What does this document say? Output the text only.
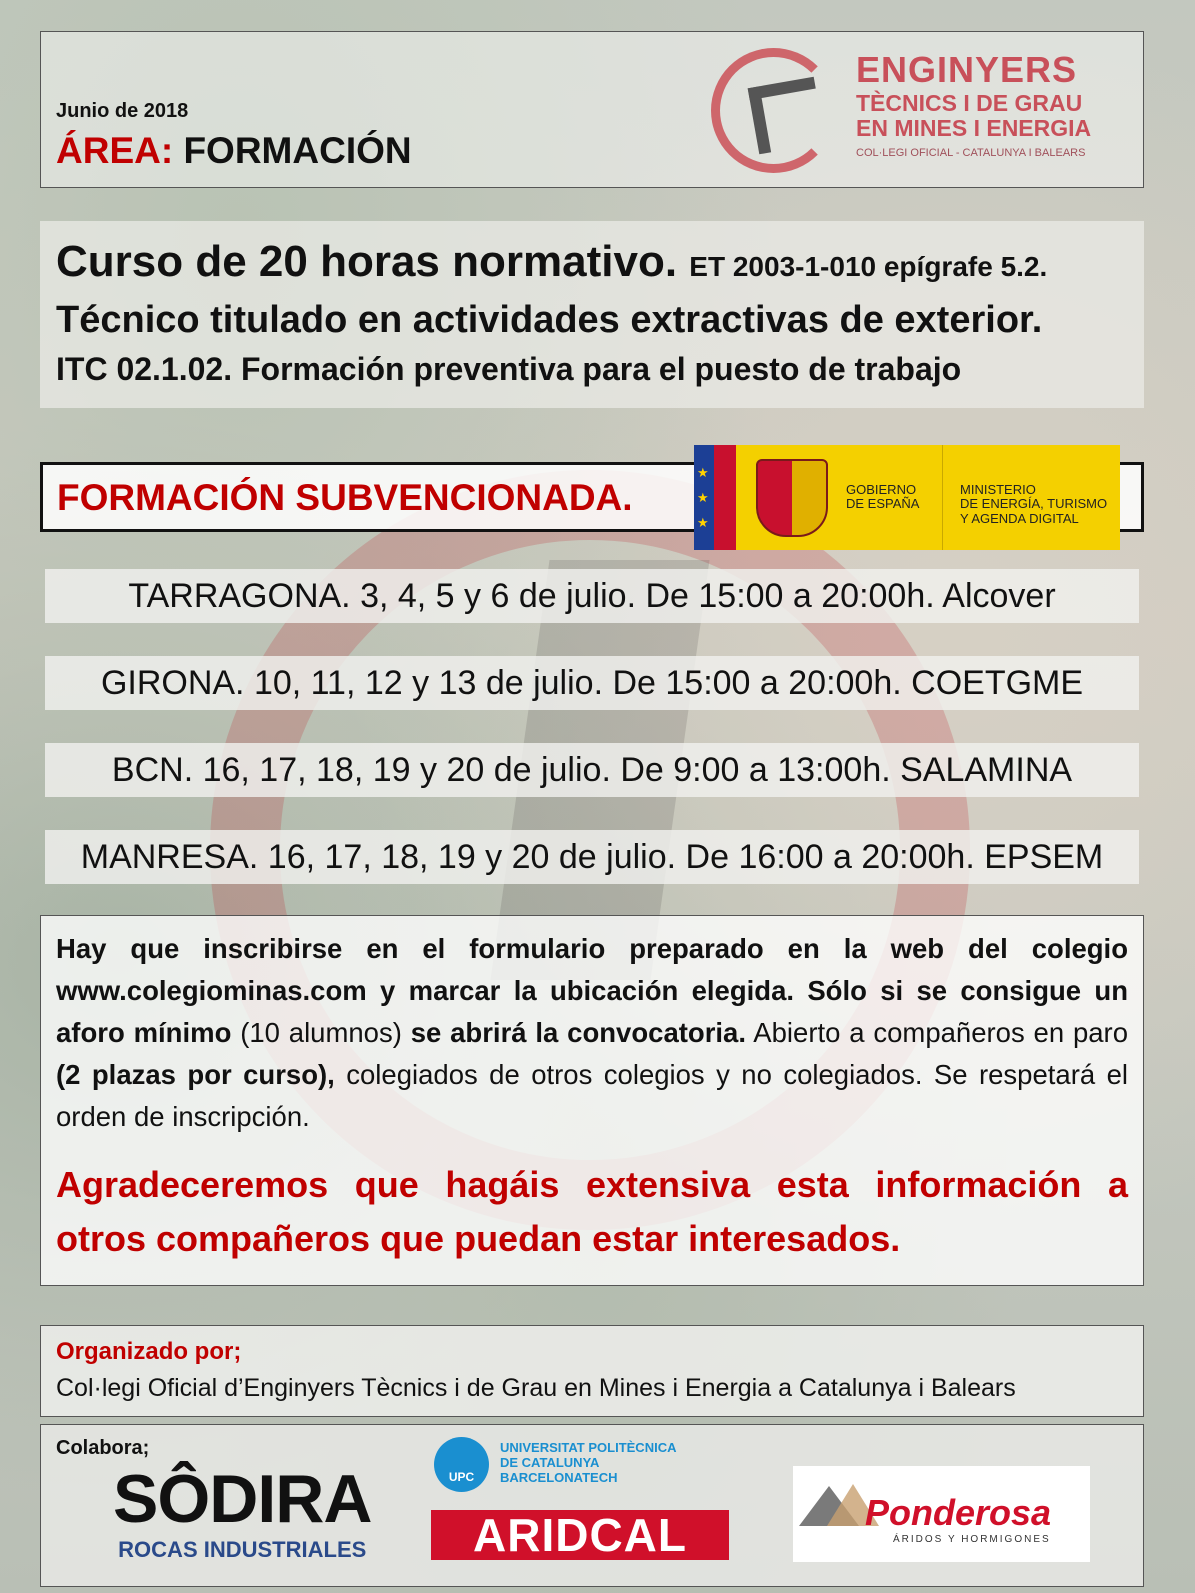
Junio de 2018
ÁREA: FORMACIÓN
ENGINYERS
TÈCNICS I DE GRAU
EN MINES I ENERGIA
COL·LEGI OFICIAL - CATALUNYA I BALEARS
Curso de 20 horas normativo. ET 2003-1-010 epígrafe 5.2.
Técnico titulado en actividades extractivas de exterior.
ITC 02.1.02. Formación preventiva para el puesto de trabajo
FORMACIÓN SUBVENCIONADA.
★
★
★
GOBIERNO
DE ESPAÑA
MINISTERIO
DE ENERGÍA, TURISMO
Y AGENDA DIGITAL
TARRAGONA. 3, 4, 5 y 6 de julio. De 15:00 a 20:00h. Alcover
GIRONA. 10, 11, 12 y 13 de julio. De 15:00 a 20:00h. COETGME
BCN. 16, 17, 18, 19 y 20 de julio. De 9:00 a 13:00h. SALAMINA
MANRESA. 16, 17, 18, 19 y 20 de julio. De 16:00 a 20:00h. EPSEM

Hay que inscribirse en el formulario preparado en la web del colegio www.colegiominas.com y marcar la ubicación elegida. Sólo si se consigue un aforo mínimo (10 alumnos) se abrirá la convocatoria. Abierto a compañeros en paro (2 plazas por curso), colegiados de otros colegios y no colegiados. Se respetará el orden de inscripción.

Agradeceremos que hagáis extensiva esta información a otros compañeros que puedan estar interesados.

Organizado por;
Col·legi Oficial d’Enginyers Tècnics i de Grau en Mines i Energia a Catalunya i Balears
Colabora;
SÔDIRA
ROCAS INDUSTRIALES
UPC
UNIVERSITAT POLITÈCNICA
DE CATALUNYA
BARCELONATECH
ARIDCAL	Ponderosa
ÁRIDOS Y HORMIGONES
